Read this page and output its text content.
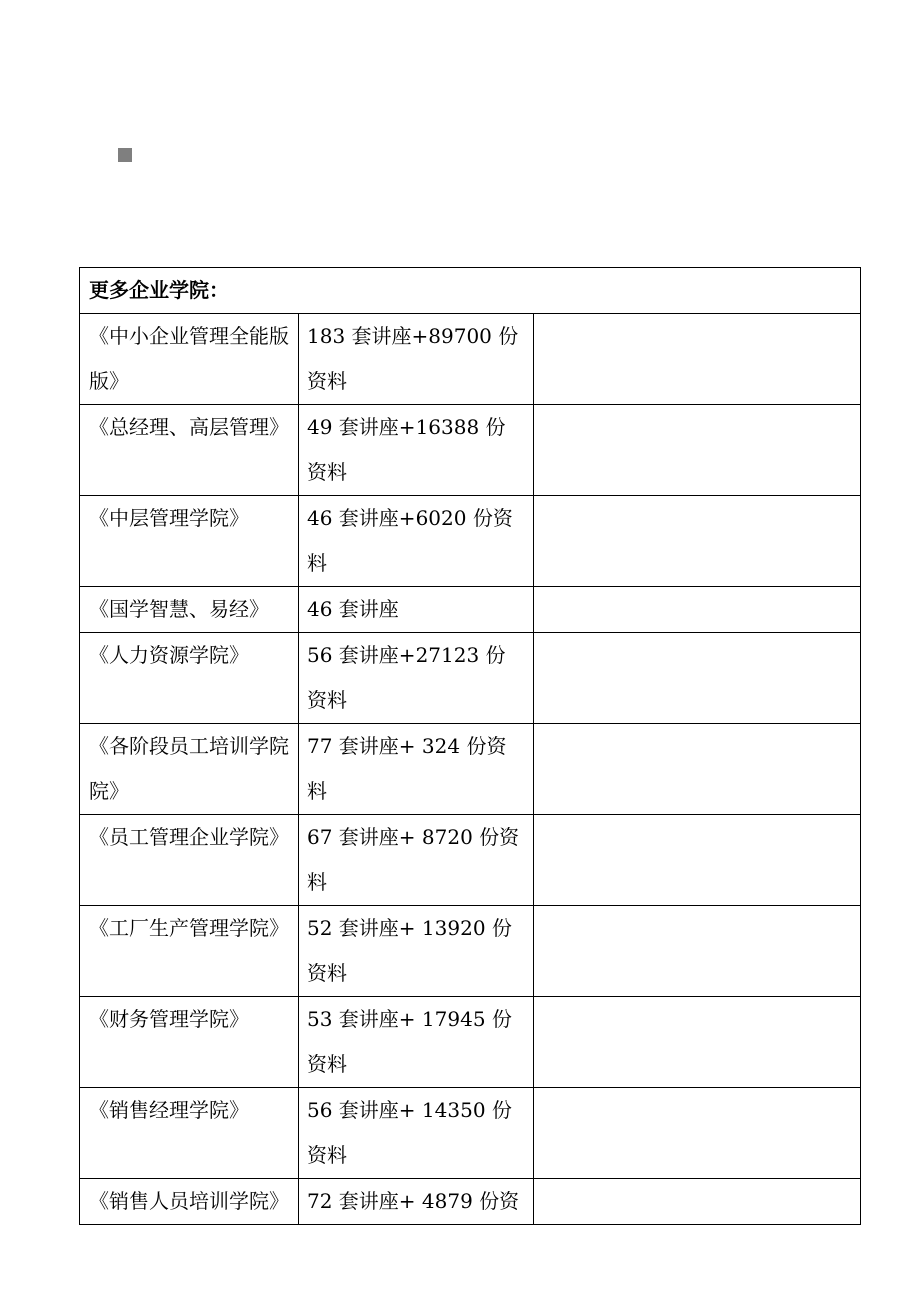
更多企业学院：		
《中小企业管理全能版版》	183 套讲座+89700 份资料	
《总经理、高层管理》	49 套讲座+16388 份资料	
《中层管理学院》	46 套讲座+6020 份资料	
《国学智慧、易经》	46 套讲座	
《人力资源学院》	56 套讲座+27123 份资料	
《各阶段员工培训学院院》	77 套讲座+ 324 份资料	
《员工管理企业学院》	67 套讲座+ 8720 份资料	
《工厂生产管理学院》	52 套讲座+ 13920 份资料	
《财务管理学院》	53 套讲座+ 17945 份资料	
《销售经理学院》	56 套讲座+ 14350 份资料	
《销售人员培训学院》	72 套讲座+ 4879 份资	
